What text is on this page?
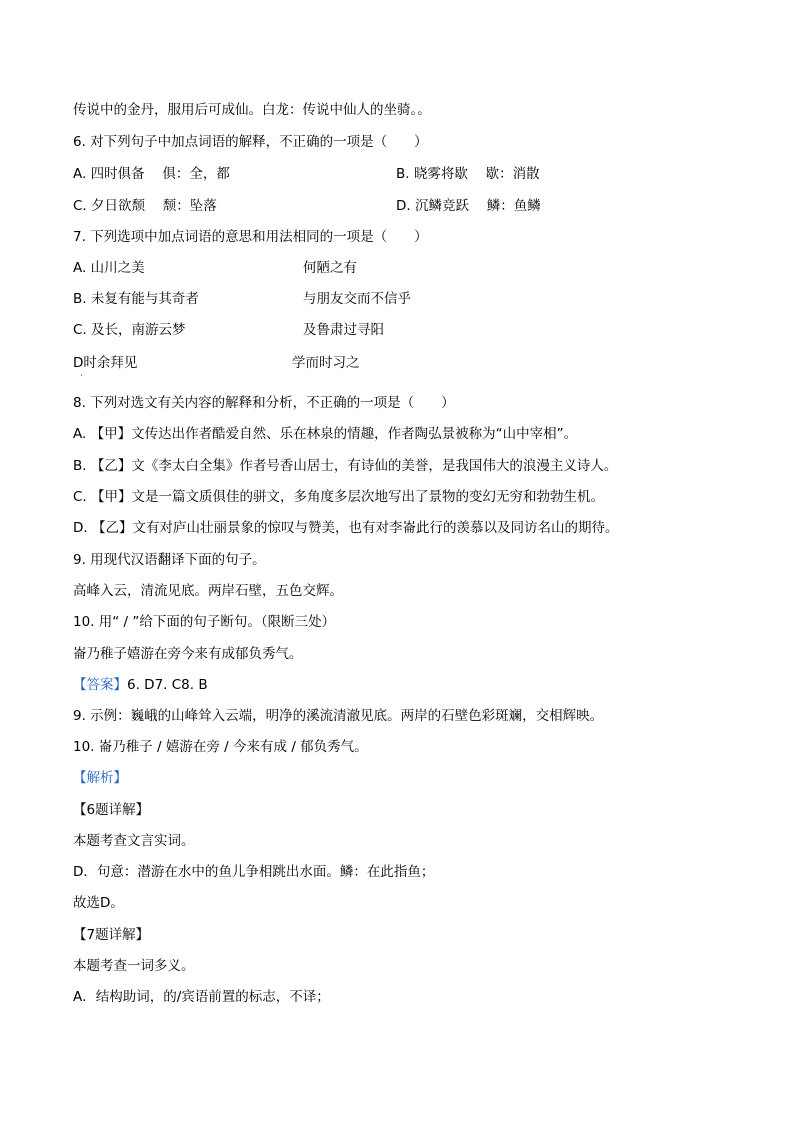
传说中的金丹，服用后可成仙。白龙：传说中仙人的坐骑。。
6. 对下列句子中加点词语的解释，不正确的一项是（　　）
A. 四时俱备　 俱：全，都	B. 晓雾将歇　 歇：消散
C. 夕日欲颓　 颓：坠落	D. 沉鳞竞跃　 鳞：鱼鳞
7. 下列选项中加点词语的意思和用法相同的一项是（　　）
A. 山川之美	何陋之有
B. 未复有能与其奇者	与朋友交而不信乎
C. 及长，南游云梦	及鲁肃过寻阳
D时余拜见	学而时习之
·
8. 下列对选文有关内容的解释和分析，不正确的一项是（　　）
A. 【甲】文传达出作者酷爱自然、乐在林泉的情趣，作者陶弘景被称为“山中宰相”。
B. 【乙】文《李太白全集》作者号香山居士，有诗仙的美誉，是我国伟大的浪漫主义诗人。
C. 【甲】文是一篇文质俱佳的骈文，多角度多层次地写出了景物的变幻无穷和勃勃生机。
D. 【乙】文有对庐山壮丽景象的惊叹与赞美，也有对李崙此行的羡慕以及同访名山的期待。
9. 用现代汉语翻译下面的句子。
高峰入云，清流见底。两岸石壁，五色交辉。
10. 用“ / ”给下面的句子断句。（限断三处）
崙乃稚子嬉游在旁今来有成郁负秀气。
【答案】6. D7. C8. B
9. 示例：巍峨的山峰耸入云端，明净的溪流清澈见底。两岸的石壁色彩斑斓，交相辉映。
10. 崙乃稚子 / 嬉游在旁 / 今来有成 / 郁负秀气。
【解析】
【6题详解】
本题考查文言实词。
D．句意：潜游在水中的鱼儿争相跳出水面。鳞：在此指鱼；
故选D。
【7题详解】
本题考查一词多义。
A．结构助词，的/宾语前置的标志，不译；
